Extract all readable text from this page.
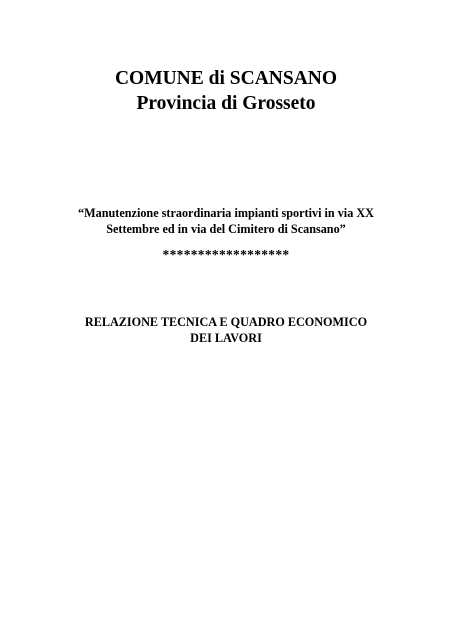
COMUNE di SCANSANO
Provincia di Grosseto
“Manutenzione straordinaria impianti sportivi in via XX
Settembre ed in via del Cimitero di Scansano”
******************
RELAZIONE TECNICA E QUADRO ECONOMICO
DEI LAVORI
